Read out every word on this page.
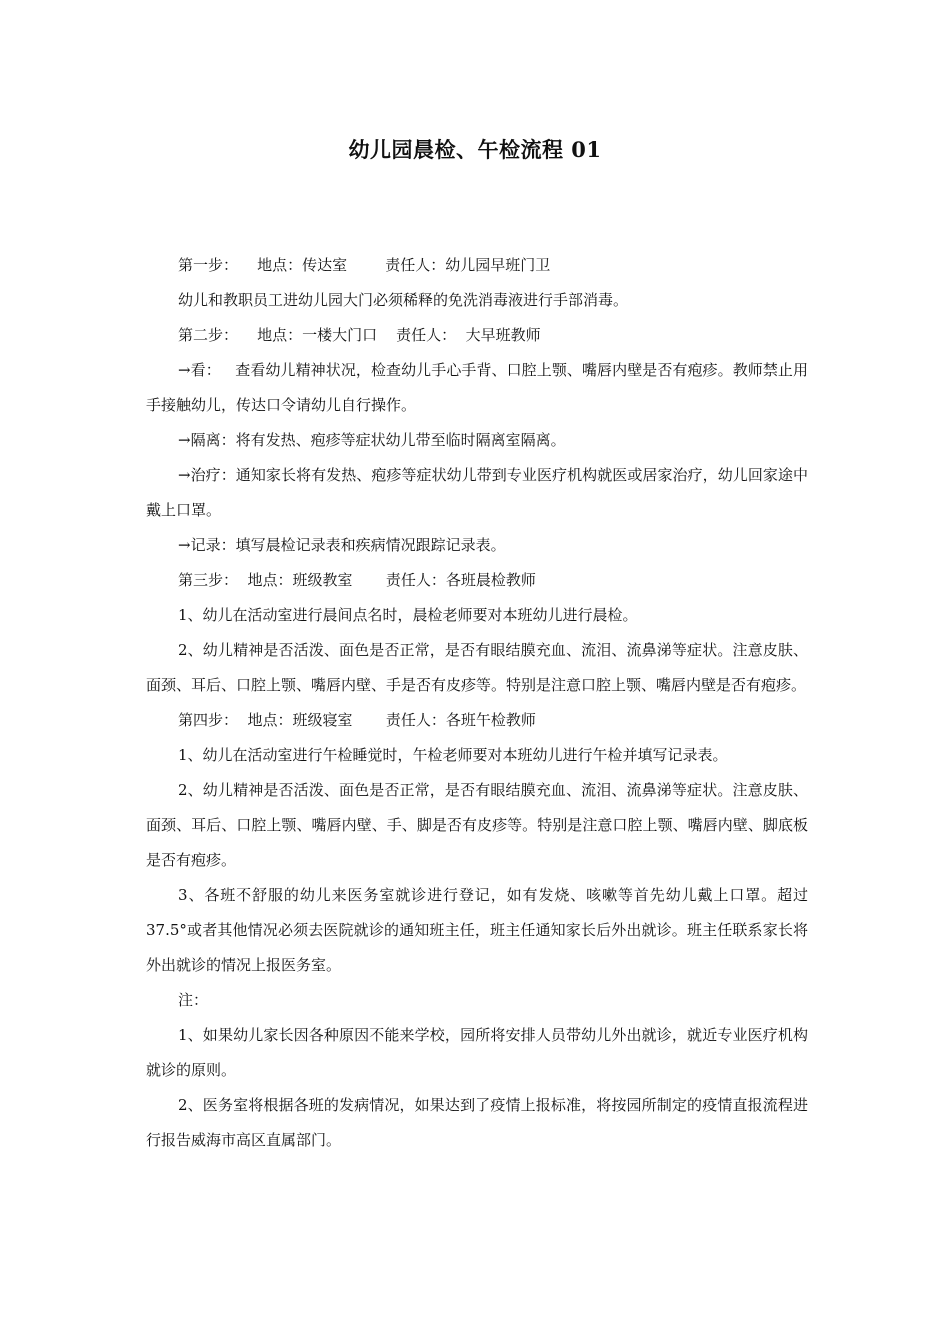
幼儿园晨检、午检流程 01

第一步：    地点：传达室        责任人：幼儿园早班门卫

幼儿和教职员工进幼儿园大门必须稀释的免洗消毒液进行手部消毒。

第二步：    地点：一楼大门口    责任人：  大早班教师

→看：   查看幼儿精神状况，检查幼儿手心手背、口腔上颚、嘴唇内壁是否有疱疹。教师禁止用手接触幼儿，传达口令请幼儿自行操作。

→隔离：将有发热、疱疹等症状幼儿带至临时隔离室隔离。

→治疗：通知家长将有发热、疱疹等症状幼儿带到专业医疗机构就医或居家治疗，幼儿回家途中戴上口罩。

→记录：填写晨检记录表和疾病情况跟踪记录表。

第三步：  地点：班级教室       责任人：各班晨检教师

1、幼儿在活动室进行晨间点名时，晨检老师要对本班幼儿进行晨检。

2、幼儿精神是否活泼、面色是否正常，是否有眼结膜充血、流泪、流鼻涕等症状。注意皮肤、面颈、耳后、口腔上颚、嘴唇内壁、手是否有皮疹等。特别是注意口腔上颚、嘴唇内壁是否有疱疹。

第四步：  地点：班级寝室       责任人：各班午检教师

1、幼儿在活动室进行午检睡觉时，午检老师要对本班幼儿进行午检并填写记录表。

2、幼儿精神是否活泼、面色是否正常，是否有眼结膜充血、流泪、流鼻涕等症状。注意皮肤、面颈、耳后、口腔上颚、嘴唇内壁、手、脚是否有皮疹等。特别是注意口腔上颚、嘴唇内壁、脚底板是否有疱疹。

3、各班不舒服的幼儿来医务室就诊进行登记，如有发烧、咳嗽等首先幼儿戴上口罩。超过 37.5°或者其他情况必须去医院就诊的通知班主任，班主任通知家长后外出就诊。班主任联系家长将外出就诊的情况上报医务室。

注：

1、如果幼儿家长因各种原因不能来学校，园所将安排人员带幼儿外出就诊，就近专业医疗机构就诊的原则。

2、医务室将根据各班的发病情况，如果达到了疫情上报标准，将按园所制定的疫情直报流程进行报告威海市高区直属部门。
